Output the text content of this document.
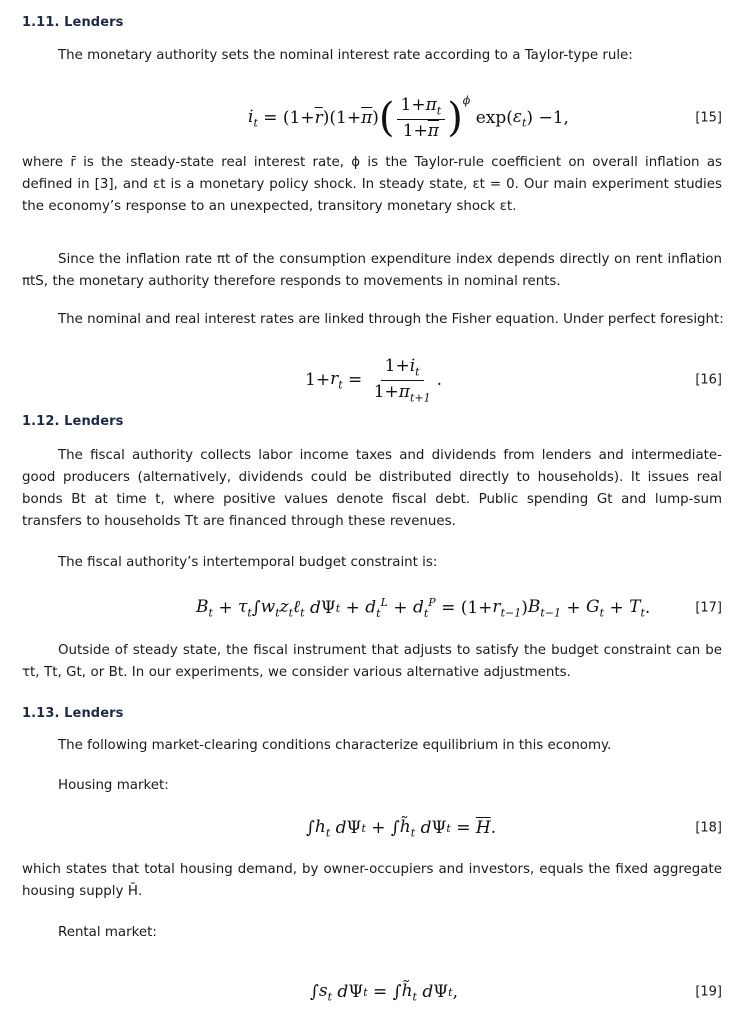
1.11. Lenders
The monetary authority sets the nominal interest rate according to a Taylor-type rule:
$i_t = (1+ \overline{r}$ )($1+ \overline{\pi}$ ) ( $\frac{1+\pi_t}{1+\overline{\pi}} )^\phi$
exp( $\varepsilon_t$ ) −1,	[15]
where r̄ is the steady-state real interest rate, ϕ is the Taylor-rule coefficient on overall inflation as defined in [3], and εt is a monetary policy shock. In steady state, εt = 0. Our main experiment studies the economy’s response to an unexpected, transitory monetary shock εt.
Since the inflation rate πt of the consumption expenditure index depends directly on rent inflation πtS, the monetary authority therefore responds to movements in nominal rents.
The nominal and real interest rates are linked through the Fisher equation. Under perfect foresight:
$1+ r_t = \frac{1+i_t}{1+\pi_{t+1}}$ .	[16]
1.12. Lenders
The fiscal authority collects labor income taxes and dividends from lenders and intermediate-good producers (alternatively, dividends could be distributed directly to households). It issues real bonds Bt at time t, where positive values denote fiscal debt. Public spending Gt and lump-sum transfers to households Tt are financed through these revenues.
The fiscal authority’s intertemporal budget constraint is:
$B_t + \tau_t$ ∫ $w_tz_t\ell_t$
d Ψ $t + d_t^L + d_t^P = (1+ r_{t-1}$ ) $B_{t-1} + G_t + T_t$ .	[17]
Outside of steady state, the fiscal instrument that adjusts to satisfy the budget constraint can be τt, Tt, Gt, or Bt. In our experiments, we consider various alternative adjustments.
1.13. Lenders
The following market-clearing conditions characterize equilibrium in this economy.
Housing market:
∫ $h_t$
d Ψ t + ∫ $h̃_t$
d Ψ $t = \overline{H}$ .	[18]
which states that total housing demand, by owner-occupiers and investors, equals the fixed aggregate housing supply H̄.
Rental market:
∫ $s_t$
d Ψ t = ∫ $h̃_t$
d Ψ t ,	[19]
